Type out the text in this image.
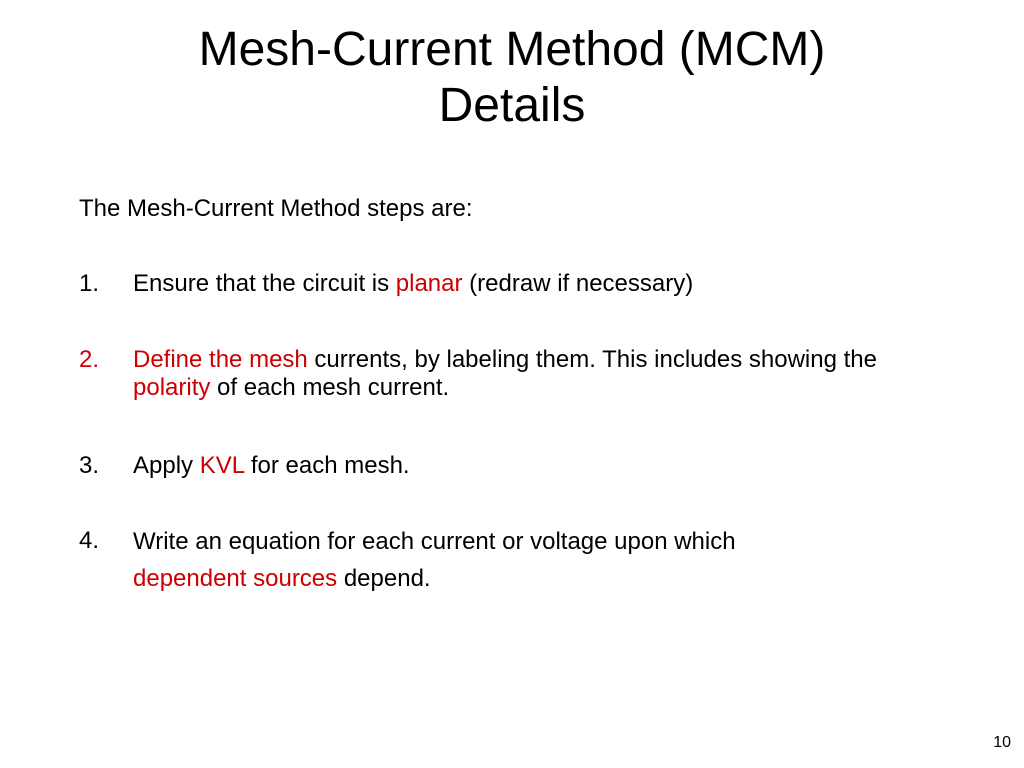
Mesh-Current Method (MCM)
Details

The Mesh-Current Method steps are:

1.	Ensure that the circuit is planar (redraw if necessary)
2.	Define the mesh currents, by labeling them. This includes showing the polarity of each mesh current.
3.	Apply KVL for each mesh.
4.	Write an equation for each current or voltage upon which
dependent sources depend.
10
